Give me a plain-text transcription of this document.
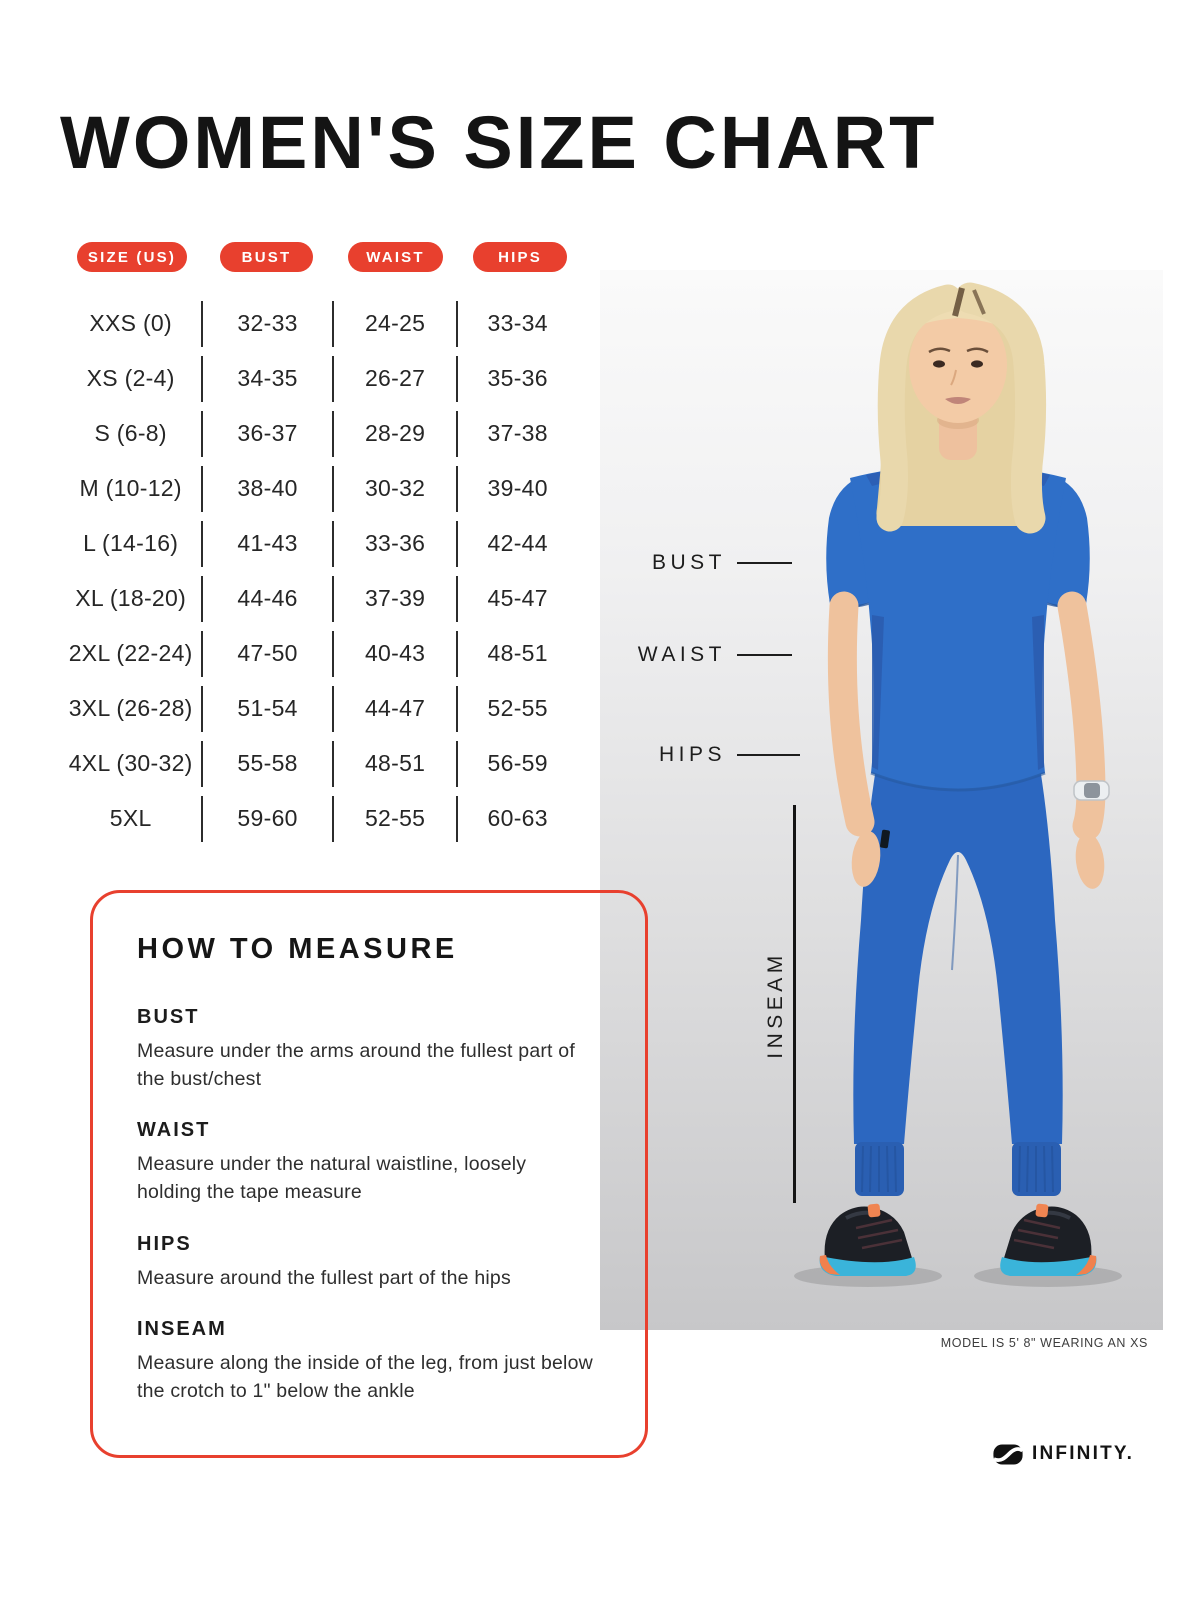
WOMEN'S SIZE CHART
SIZE (US)	BUST	WAIST	HIPS
XXS (0)	32-33	24-25	33-34
XS (2-4)	34-35	26-27	35-36
S (6-8)	36-37	28-29	37-38
M (10-12)	38-40	30-32	39-40
L (14-16)	41-43	33-36	42-44
XL (18-20)	44-46	37-39	45-47
2XL (22-24)	47-50	40-43	48-51
3XL (26-28)	51-54	44-47	52-55
4XL (30-32)	55-58	48-51	56-59
5XL	59-60	52-55	60-63
BUST
WAIST
HIPS
INSEAM
MODEL IS 5' 8" WEARING AN XS
HOW TO MEASURE
BUST
Measure under the arms around the fullest part of the bust/chest
WAIST
Measure under the natural waistline, loosely holding the tape measure
HIPS
Measure around the fullest part of the hips
INSEAM
Measure along the inside of the leg, from just below the crotch to 1" below the ankle
INFINITY.
